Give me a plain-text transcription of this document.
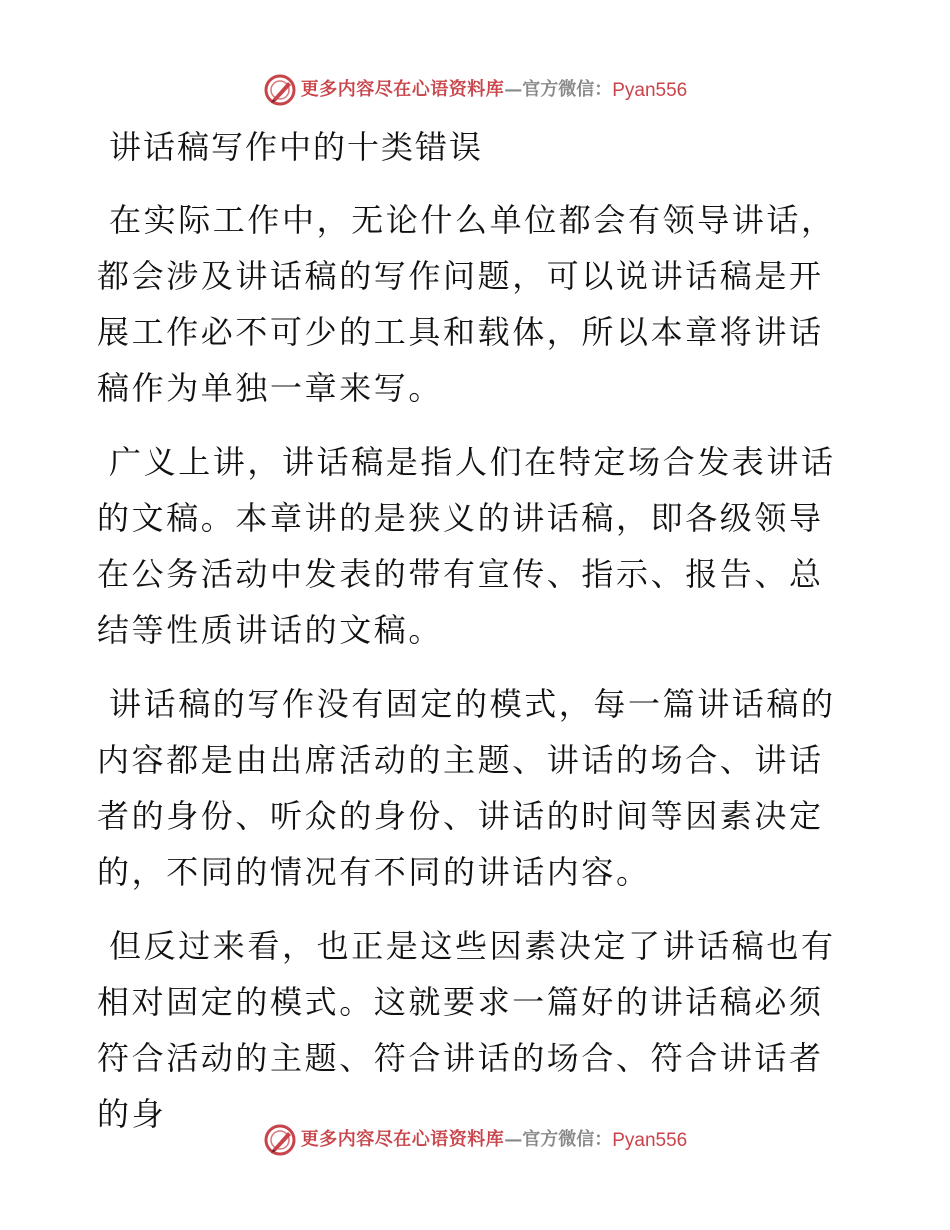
更多内容尽在心语资料库 — 官方微信： Pyan556
讲话稿写作中的十类错误

在实际工作中，无论什么单位都会有领导讲话，都会涉及讲话稿的写作问题，可以说讲话稿是开展工作必不可少的工具和载体，所以本章将讲话稿作为单独一章来写。

广义上讲，讲话稿是指人们在特定场合发表讲话的文稿。本章讲的是狭义的讲话稿，即各级领导在公务活动中发表的带有宣传、指示、报告、总结等性质讲话的文稿。

讲话稿的写作没有固定的模式，每一篇讲话稿的内容都是由出席活动的主题、讲话的场合、讲话者的身份、听众的身份、讲话的时间等因素决定的，不同的情况有不同的讲话内容。

但反过来看，也正是这些因素决定了讲话稿也有相对固定的模式。这就要求一篇好的讲话稿必须符合活动的主题、符合讲话的场合、符合讲话者的身

更多内容尽在心语资料库 — 官方微信： Pyan556
